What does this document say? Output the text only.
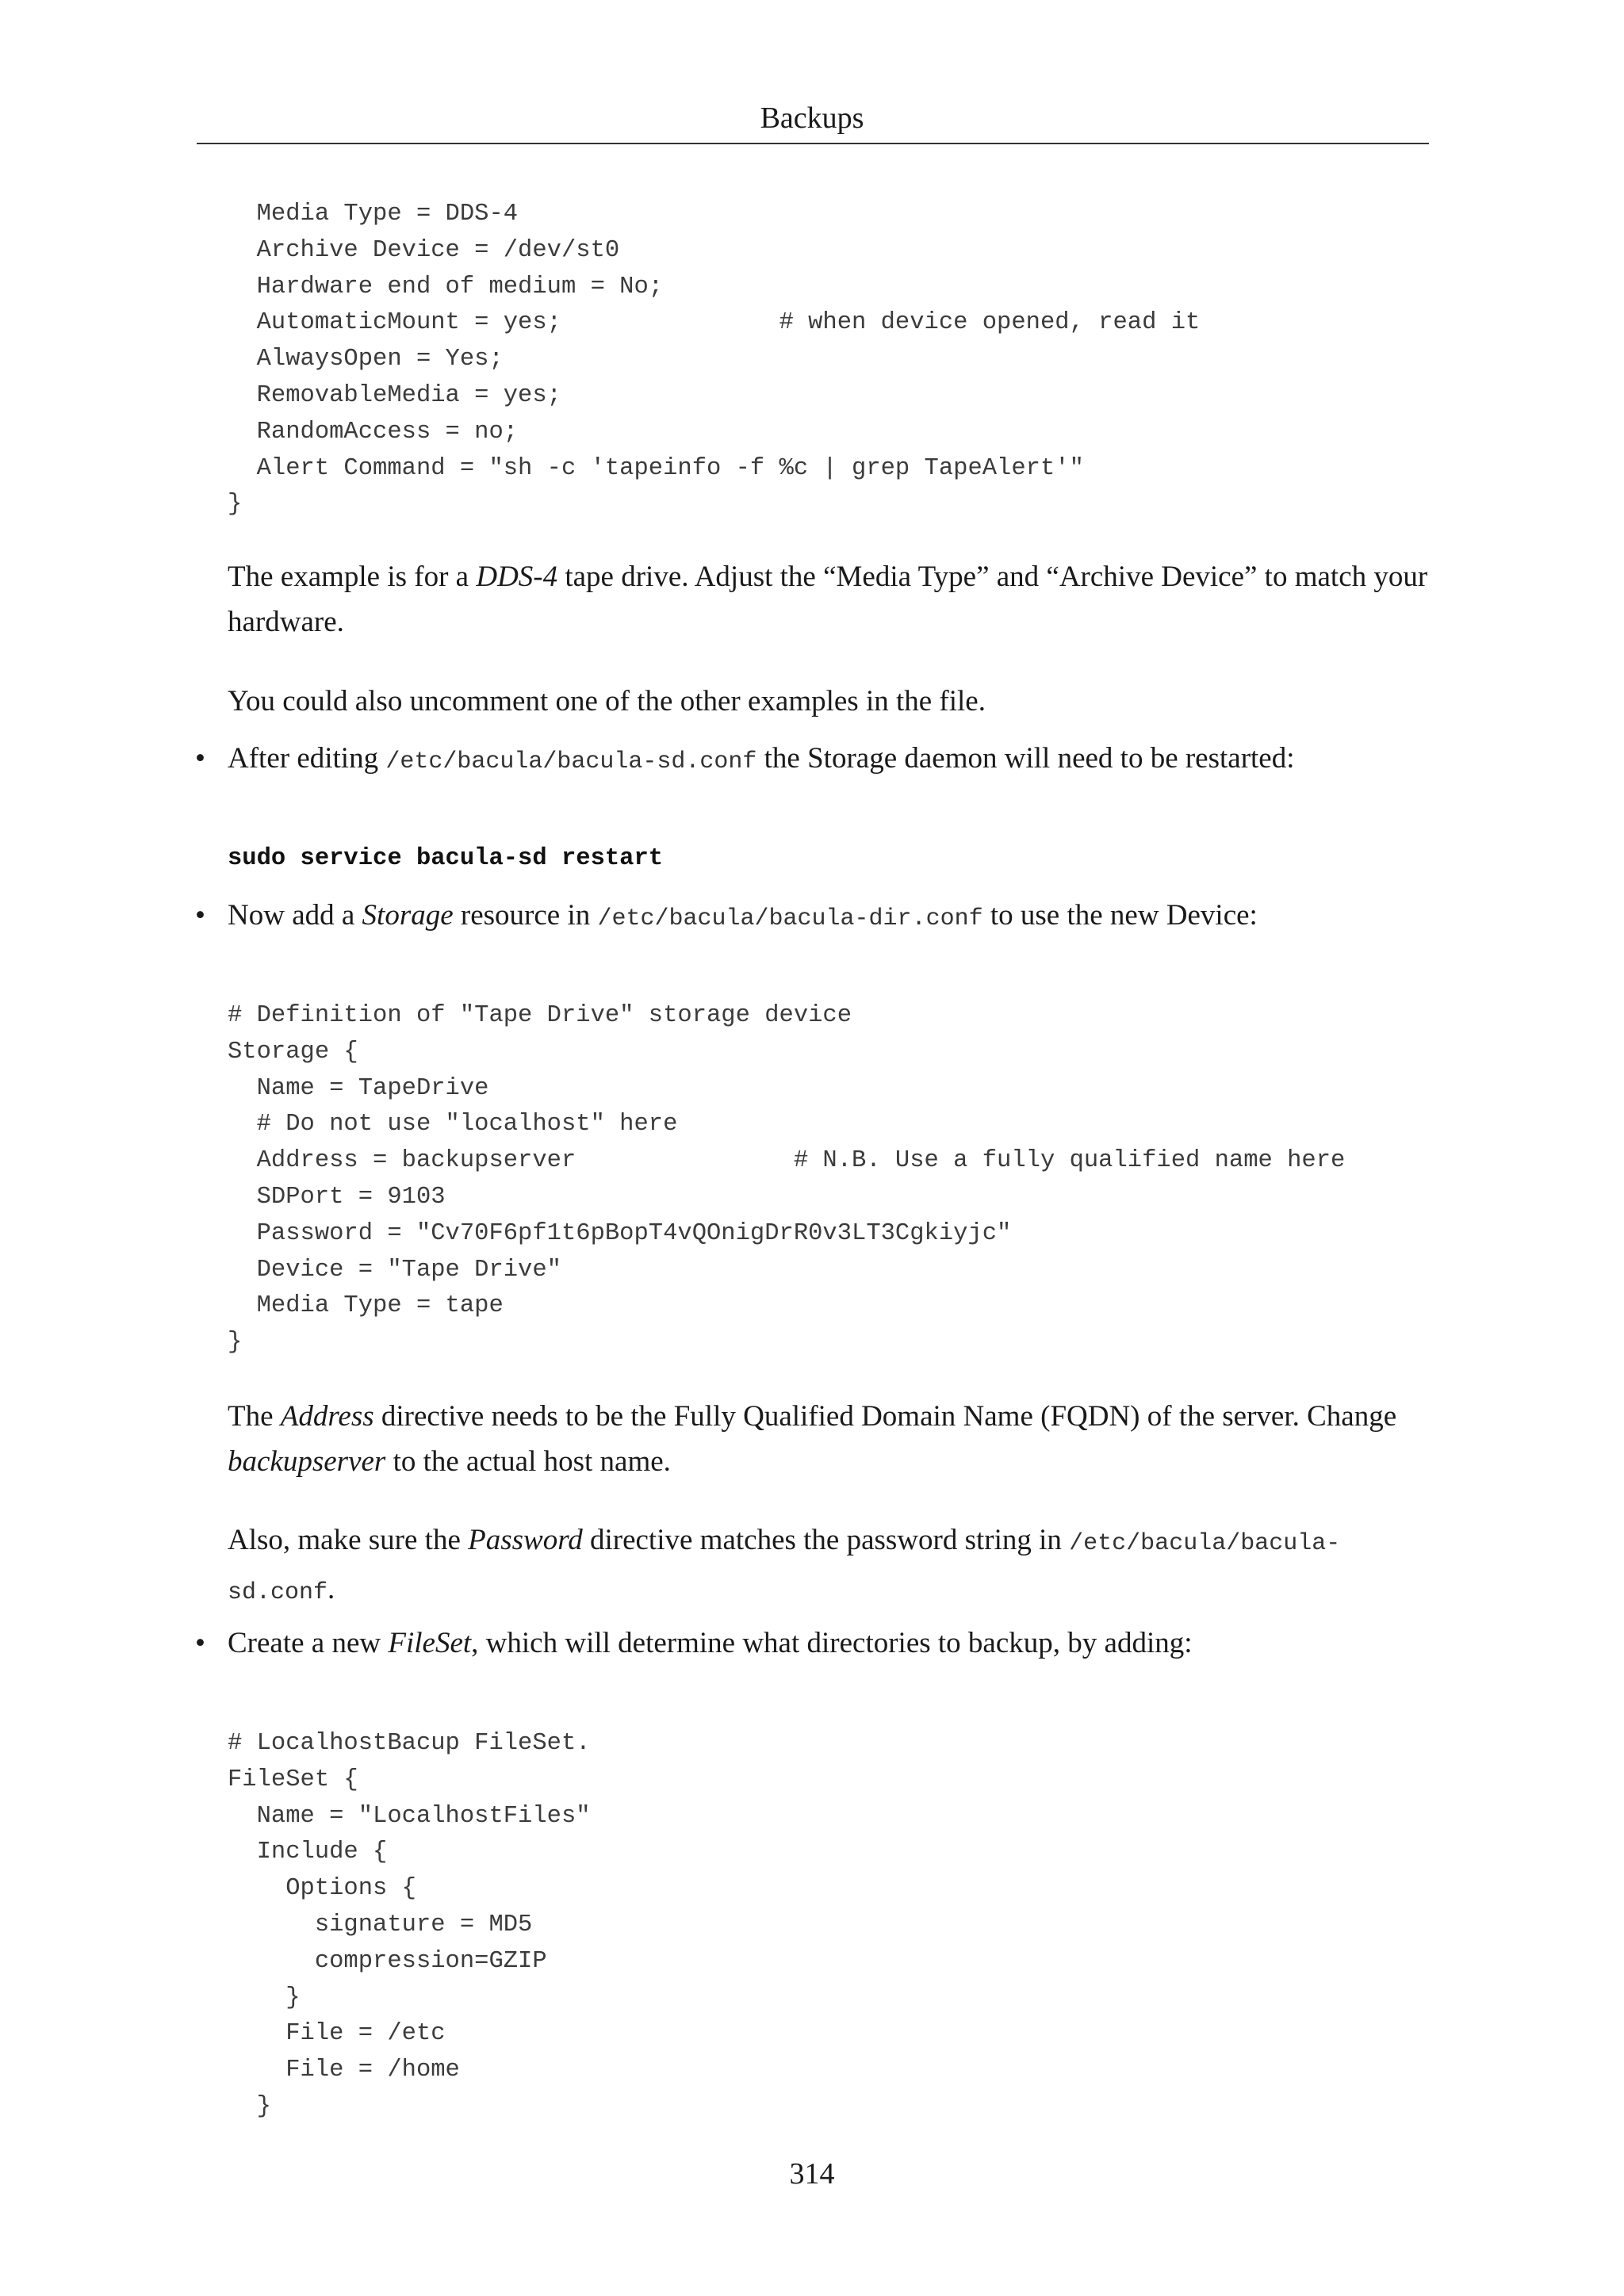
Backups
Media Type = DDS-4
Archive Device = /dev/st0
Hardware end of medium = No;
AutomaticMount = yes;               # when device opened, read it
AlwaysOpen = Yes;
RemovableMedia = yes;
RandomAccess = no;
Alert Command = "sh -c 'tapeinfo -f %c | grep TapeAlert'"
}

The example is for a DDS-4 tape drive. Adjust the “Media Type” and “Archive Device” to match your hardware.

You could also uncomment one of the other examples in the file.

• After editing /etc/bacula/bacula-sd.conf the Storage daemon will need to be restarted:

sudo service bacula-sd restart
• Now add a Storage resource in /etc/bacula/bacula-dir.conf to use the new Device:

# Definition of "Tape Drive" storage device
Storage {
Name = TapeDrive
# Do not use "localhost" here
Address = backupserver               # N.B. Use a fully qualified name here
SDPort = 9103
Password = "Cv70F6pf1t6pBopT4vQOnigDrR0v3LT3Cgkiyjc"
Device = "Tape Drive"
Media Type = tape
}

The Address directive needs to be the Fully Qualified Domain Name (FQDN) of the server. Change backupserver to the actual host name.

Also, make sure the Password directive matches the password string in /etc/bacula/bacula-
sd.conf.

• Create a new FileSet, which will determine what directories to backup, by adding:

# LocalhostBacup FileSet.
FileSet {
Name = "LocalhostFiles"
Include {
Options {
signature = MD5
compression=GZIP
}
File = /etc
File = /home
}
314
